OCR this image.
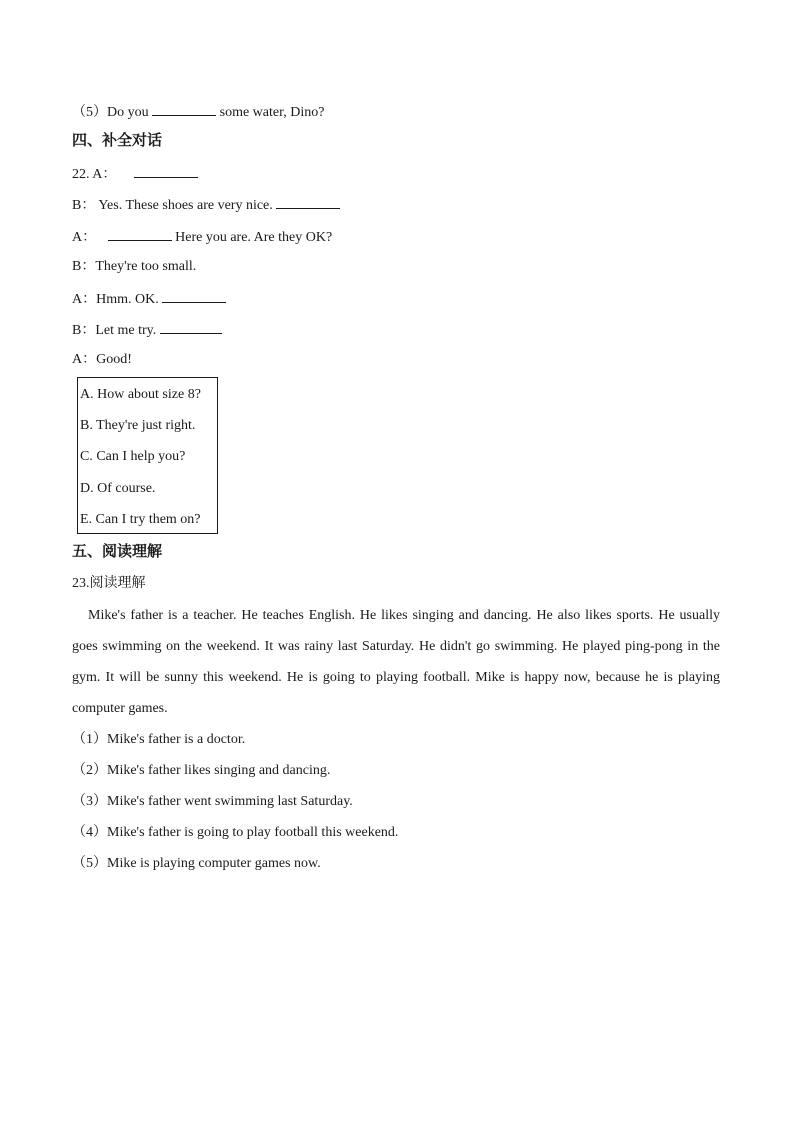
（5）Do you	some water, Dino?
四、补全对话
22. A：
B： Yes. These shoes are very nice.
A：	Here you are. Are they OK?
B：They're too small.
A：Hmm. OK.
B：Let me try.
A：Good!
A. How about size 8?
B. They're just right.
C. Can I help you?
D. Of course.
E. Can I try them on?
五、阅读理解
23.阅读理解
Mike's father is a teacher. He teaches English. He likes singing and dancing. He also likes sports. He usually goes swimming on the weekend. It was rainy last Saturday. He didn't go swimming. He played ping-pong in the gym. It will be sunny this weekend. He is going to playing football. Mike is happy now, because he is playing computer games.
（1）Mike's father is a doctor.
（2）Mike's father likes singing and dancing.
（3）Mike's father went swimming last Saturday.
（4）Mike's father is going to play football this weekend.
（5）Mike is playing computer games now.
